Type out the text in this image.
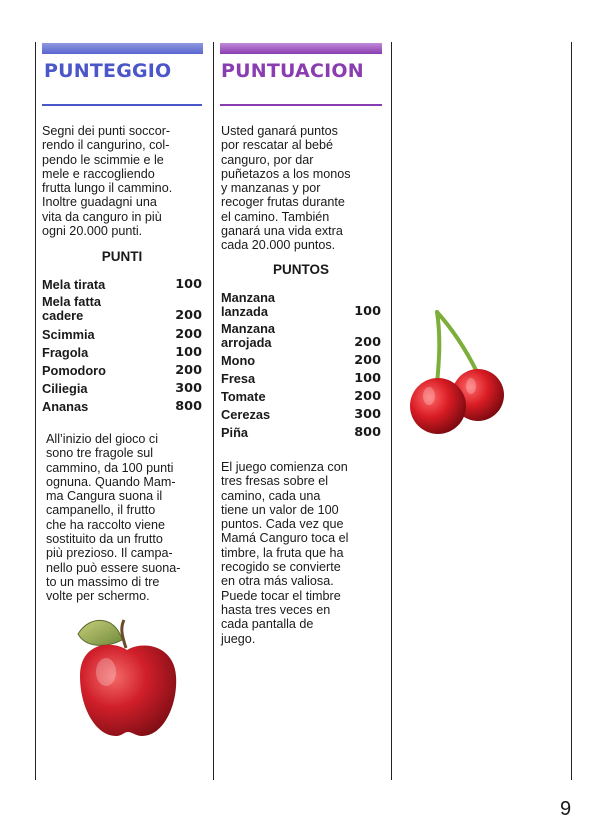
PUNTEGGIO
Segni dei punti soccor-
rendo il cangurino, col-
pendo le scimmie e le
mele e raccogliendo
frutta lungo il cammino.
Inoltre guadagni una
vita da canguro in più
ogni 20.000 punti.
PUNTI
Mela tirata	100
Mela fatta
cadere	200
Scimmia	200
Fragola	100
Pomodoro	200
Ciliegia	300
Ananas	800
All’inizio del gioco ci
sono tre fragole sul
cammino, da 100 punti
ognuna. Quando Mam-
ma Cangura suona il
campanello, il frutto
che ha raccolto viene
sostituito da un frutto
più prezioso. Il campa-
nello può essere suona-
to un massimo di tre
volte per schermo.
PUNTUACION
Usted ganará puntos
por rescatar al bebé
canguro, por dar
puñetazos a los monos
y manzanas y por
recoger frutas durante
el camino. También
ganará una vida extra
cada 20.000 puntos.
PUNTOS
Manzana
lanzada	100
Manzana
arrojada	200
Mono	200
Fresa	100
Tomate	200
Cerezas	300
Piña	800
El juego comienza con
tres fresas sobre el
camino, cada una
tiene un valor de 100
puntos. Cada vez que
Mamá Canguro toca el
timbre, la fruta que ha
recogido se convierte
en otra más valiosa.
Puede tocar el timbre
hasta tres veces en
cada pantalla de
juego.
9
